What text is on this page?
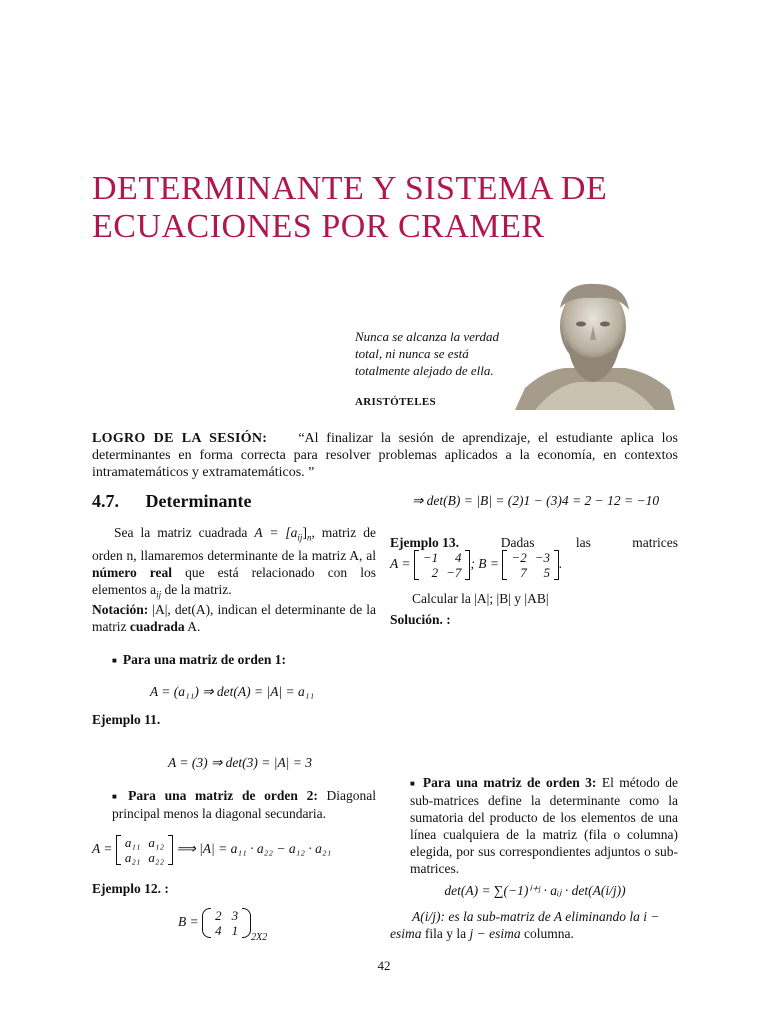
DETERMINANTE Y SISTEMA DE
ECUACIONES POR CRAMER
Nunca se alcanza la verdad total, ni nunca se está totalmente alejado de ella.
ARISTÓTELES
LOGRO DE LA SESIÓN: “Al finalizar la sesión de aprendizaje, el estudiante aplica los determinantes en forma correcta para resolver problemas aplicados a la economía, en contextos intramatemáticos y extramatemáticos. ”
4.7. Determinante
Sea la matriz cuadrada $A = [a_{ij}]_n$, matriz de orden n, llamaremos determinante de la matriz A, al número real que está relacionado con los elementos $a_{ij}$ de la matriz.
Notación: |A|, det(A), indican el determinante de la matriz cuadrada A.
■ Para una matriz de orden 1:
A = (a₁₁) ⇒ det(A) = |A| = a₁₁
Ejemplo 11.
A = (3) ⇒ det(3) = |A| = 3
■ Para una matriz de orden 2: Diagonal principal menos la diagonal secundaria.
A = a₁₁	a₁₂
a₂₁	a₂₂
⟹ |A| = a₁₁ · a₂₂ − a₁₂ · a₂₁
Ejemplo 12. :
B = 2	3
4	1 $_{2X2}$
⇒ det(B) = |B| = (2)1 − (3)4 = 2 − 12 = −10
Ejemplo 13.	Dadas las matrices
A = −1	4
2	−7
; B = −2	−3
7	5
.
Calcular la |A|; |B| y |AB|
Solución. :
■ Para una matriz de orden 3: El método de sub-matrices define la determinante como la sumatoria del producto de los elementos de una línea cualquiera de la matriz (fila o columna) elegida, por sus correspondientes adjuntos o sub-matrices.
det(A) = ∑(−1)ⁱ⁺ʲ · aᵢⱼ · det(A(i/j))
A(i/j): es la sub-matriz de A eliminando la i − esima fila y la j − esima columna.
42
